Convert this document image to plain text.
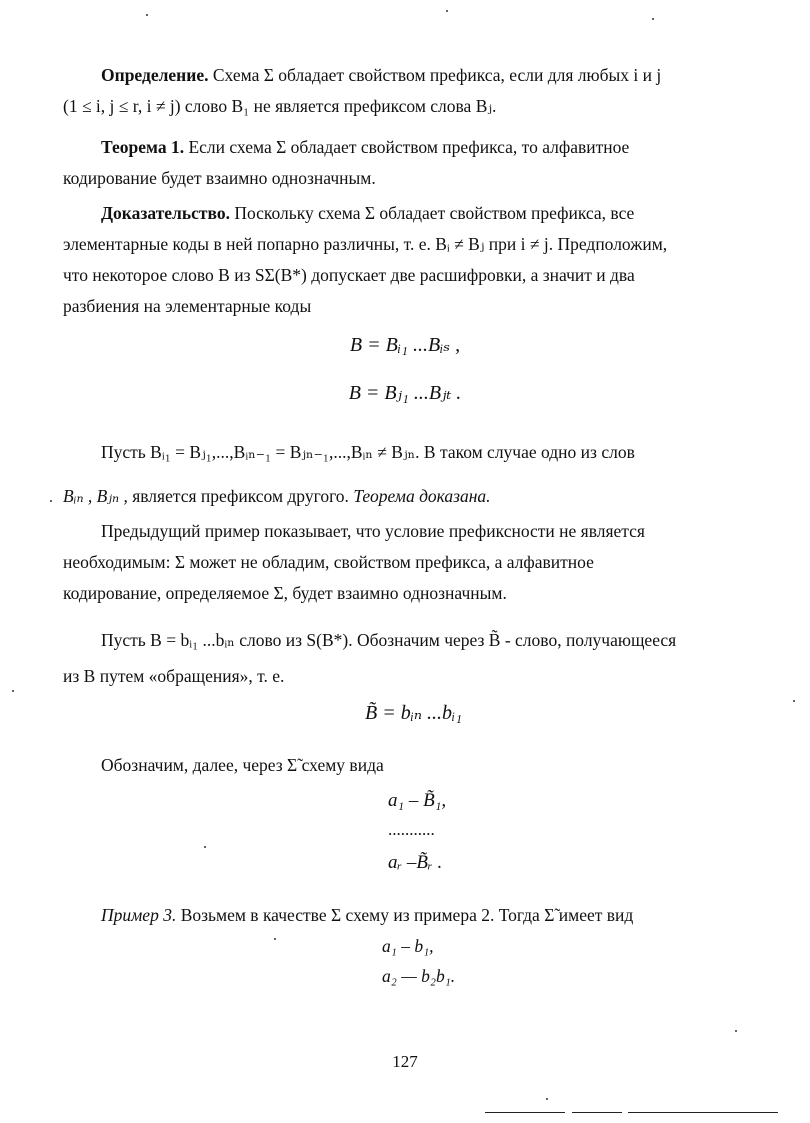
Определение. Схема Σ обладает свойством префикса, если для любых i и j
(1 ≤ i, j ≤ r, i ≠ j) слово B₁ не является префиксом слова Bⱼ.

Теорема 1. Если схема Σ обладает свойством префикса, то алфавитное
кодирование будет взаимно однозначным.

Доказательство. Поскольку схема Σ обладает свойством префикса, все
элементарные коды в ней попарно различны, т. е. Bᵢ ≠ Bⱼ при i ≠ j. Предположим,
что некоторое слово B из SΣ(B*) допускает две расшифровки, а значит и два
разбиения на элементарные коды

B = Bᵢ₁ ...Bᵢₛ ,
B = Bⱼ₁ ...Bⱼₜ .

Пусть Bᵢ₁ = Bⱼ₁,...,Bᵢₙ₋₁ = Bⱼₙ₋₁,...,Bᵢₙ ≠ Bⱼₙ. В таком случае одно из слов
Bᵢₙ , Bⱼₙ , является префиксом другого. Теорема доказана.

Предыдущий пример показывает, что условие префиксности не является
необходимым: Σ может не обладим, свойством префикса, а алфавитное
кодирование, определяемое Σ, будет взаимно однозначным.

Пусть B = bᵢ₁ ...bᵢₙ слово из S(B*). Обозначим через B̃ - слово, получающееся
из B путем «обращения», т. е.

B̃ = bᵢₙ ...bᵢ₁

Обозначим, далее, через Σ̃ схему вида

a₁ – B̃₁,
...........
aᵣ –B̃ᵣ .

Пример 3. Возьмем в качестве Σ схему из примера 2. Тогда Σ̃ имеет вид

a₁ – b₁,
a₂ — b₂b₁.
127
